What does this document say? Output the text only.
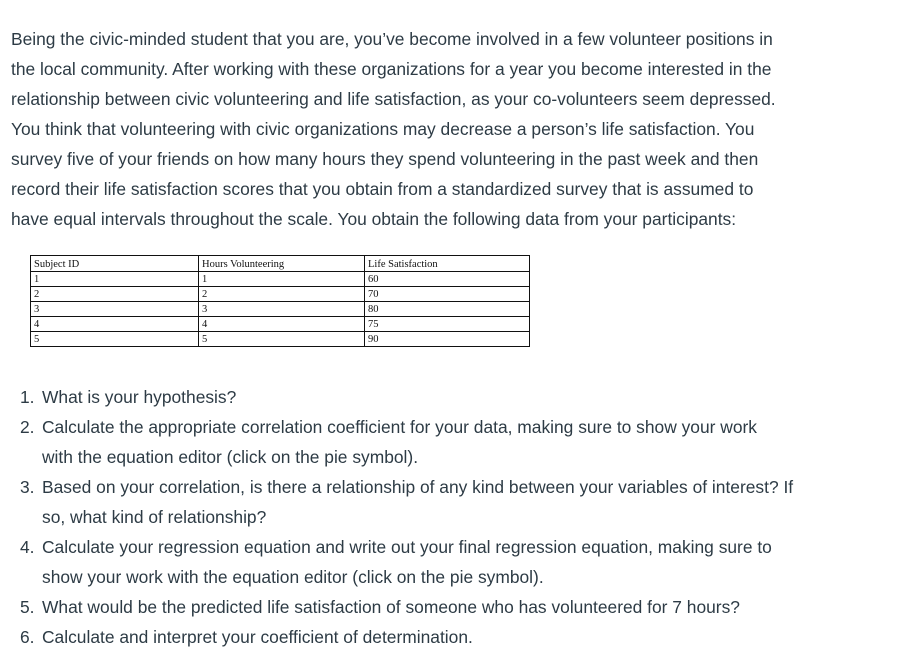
Being the civic-minded student that you are, you’ve become involved in a few volunteer positions in
the local community. After working with these organizations for a year you become interested in the
relationship between civic volunteering and life satisfaction, as your co-volunteers seem depressed.
You think that volunteering with civic organizations may decrease a person’s life satisfaction. You
survey five of your friends on how many hours they spend volunteering in the past week and then
record their life satisfaction scores that you obtain from a standardized survey that is assumed to
have equal intervals throughout the scale. You obtain the following data from your participants:

Subject ID	Hours Volunteering	Life Satisfaction
1	1	60
2	2	70
3	3	80
4	4	75
5	5	90
1. What is your hypothesis?
2. Calculate the appropriate correlation coefficient for your data, making sure to show your work
with the equation editor (click on the pie symbol).
3. Based on your correlation, is there a relationship of any kind between your variables of interest? If
so, what kind of relationship?
4. Calculate your regression equation and write out your final regression equation, making sure to
show your work with the equation editor (click on the pie symbol).
5. What would be the predicted life satisfaction of someone who has volunteered for 7 hours?
6. Calculate and interpret your coefficient of determination.
